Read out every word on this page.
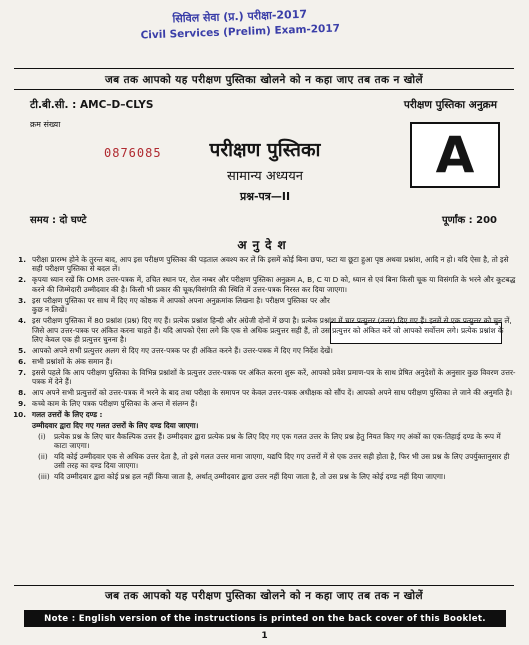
सिविल सेवा (प्र.) परीक्षा-2017
Civil Services (Prelim) Exam-2017
जब तक आपको यह परीक्षण पुस्तिका खोलने को न कहा जाए तब तक न खोलें
टी.बी.सी. : AMC–D–CLYS	परीक्षण पुस्तिका अनुक्रम
क्रम संख्या
0876085	परीक्षण पुस्तिका
सामान्य अध्ययन
प्रश्न-पत्र—II
A
समय : दो घण्टे	पूर्णांक : 200
अनुदेश
1. परीक्षा प्रारम्भ होने के तुरन्त बाद, आप इस परीक्षण पुस्तिका की पड़ताल अवश्य कर लें कि इसमें कोई बिना छपा, फटा या छूटा हुआ पृष्ठ अथवा प्रश्नांश, आदि न हो। यदि ऐसा है, तो इसे सही परीक्षण पुस्तिका से बदल लें।
2. कृपया ध्यान रखें कि OMR उत्तर-पत्रक में, उचित स्थान पर, रोल नम्बर और परीक्षण पुस्तिका अनुक्रम A, B, C या D को, ध्यान से एवं बिना किसी चूक या विसंगति के भरने और कूटबद्ध करने की जिम्मेदारी उम्मीदवार की है। किसी भी प्रकार की चूक/विसंगति की स्थिति में उत्तर-पत्रक निरस्त कर दिया जाएगा।
3. इस परीक्षण पुस्तिका पर साथ में दिए गए कोष्ठक में आपको अपना अनुक्रमांक लिखना है। परीक्षण पुस्तिका पर और कुछ न लिखें।
4. इस परीक्षण पुस्तिका में 80 प्रश्नांश (प्रश्न) दिए गए हैं। प्रत्येक प्रश्नांश हिन्दी और अंग्रेजी दोनों में छपा है। प्रत्येक प्रश्नांश में चार प्रत्युत्तर (उत्तर) दिए गए हैं। इनमें से एक प्रत्युत्तर को चुन लें, जिसे आप उत्तर-पत्रक पर अंकित करना चाहते हैं। यदि आपको ऐसा लगे कि एक से अधिक प्रत्युत्तर सही हैं, तो उस प्रत्युत्तर को अंकित करें जो आपको सर्वोत्तम लगे। प्रत्येक प्रश्नांश के लिए केवल एक ही प्रत्युत्तर चुनना है।
5. आपको अपने सभी प्रत्युत्तर अलग से दिए गए उत्तर-पत्रक पर ही अंकित करने हैं। उत्तर-पत्रक में दिए गए निर्देश देखें।
6. सभी प्रश्नांशों के अंक समान हैं।
7. इससे पहले कि आप परीक्षण पुस्तिका के विभिन्न प्रश्नांशों के प्रत्युत्तर उत्तर-पत्रक पर अंकित करना शुरू करें, आपको प्रवेश प्रमाण-पत्र के साथ प्रेषित अनुदेशों के अनुसार कुछ विवरण उत्तर-पत्रक में देने हैं।
8. आप अपने सभी प्रत्युत्तरों को उत्तर-पत्रक में भरने के बाद तथा परीक्षा के समापन पर केवल उत्तर-पत्रक अधीक्षक को सौंप दें। आपको अपने साथ परीक्षण पुस्तिका ले जाने की अनुमति है।
9. कच्चे काम के लिए पत्रक परीक्षण पुस्तिका के अन्त में संलग्न हैं।
10. गलत उत्तरों के लिए दण्ड :
उम्मीदवार द्वारा दिए गए गलत उत्तरों के लिए दण्ड दिया जाएगा।
(i)	प्रत्येक प्रश्न के लिए चार वैकल्पिक उत्तर हैं। उम्मीदवार द्वारा प्रत्येक प्रश्न के लिए दिए गए एक गलत उत्तर के लिए प्रश्न हेतु नियत किए गए अंकों का एक-तिहाई दण्ड के रूप में काटा जाएगा।
(ii) यदि कोई उम्मीदवार एक से अधिक उत्तर देता है, तो इसे गलत उत्तर माना जाएगा, यद्यपि दिए गए उत्तरों में से एक उत्तर सही होता है, फिर भी उस प्रश्न के लिए उपर्युक्तानुसार ही उसी तरह का दण्ड दिया जाएगा।
(iii) यदि उम्मीदवार द्वारा कोई प्रश्न हल नहीं किया जाता है, अर्थात् उम्मीदवार द्वारा उत्तर नहीं दिया जाता है, तो उस प्रश्न के लिए कोई दण्ड नहीं दिया जाएगा।
जब तक आपको यह परीक्षण पुस्तिका खोलने को न कहा जाए तब तक न खोलें
Note : English version of the instructions is printed on the back cover of this Booklet.
1
